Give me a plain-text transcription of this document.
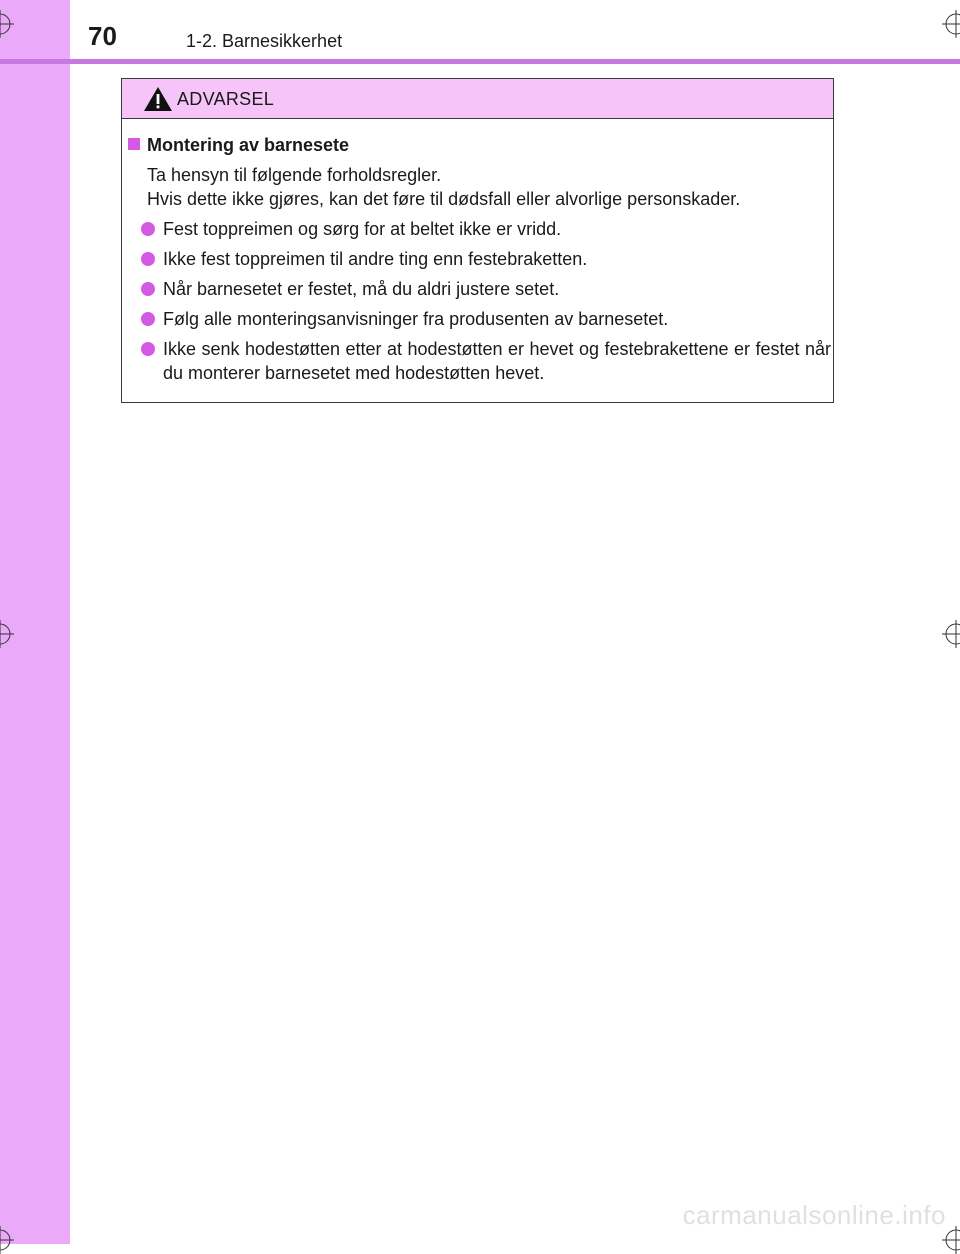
70	1-2. Barnesikkerhet
ADVARSEL
Montering av barnesete
Ta hensyn til følgende forholdsregler.
Hvis dette ikke gjøres, kan det føre til dødsfall eller alvorlige personskader.
Fest toppreimen og sørg for at beltet ikke er vridd.
Ikke fest toppreimen til andre ting enn festebraketten.
Når barnesetet er festet, må du aldri justere setet.
Følg alle monteringsanvisninger fra produsenten av barnesetet.
Ikke senk hodestøtten etter at hodestøtten er hevet og festebrakettene er festet når du monterer barnesetet med hodestøtten hevet.
carmanualsonline.info
